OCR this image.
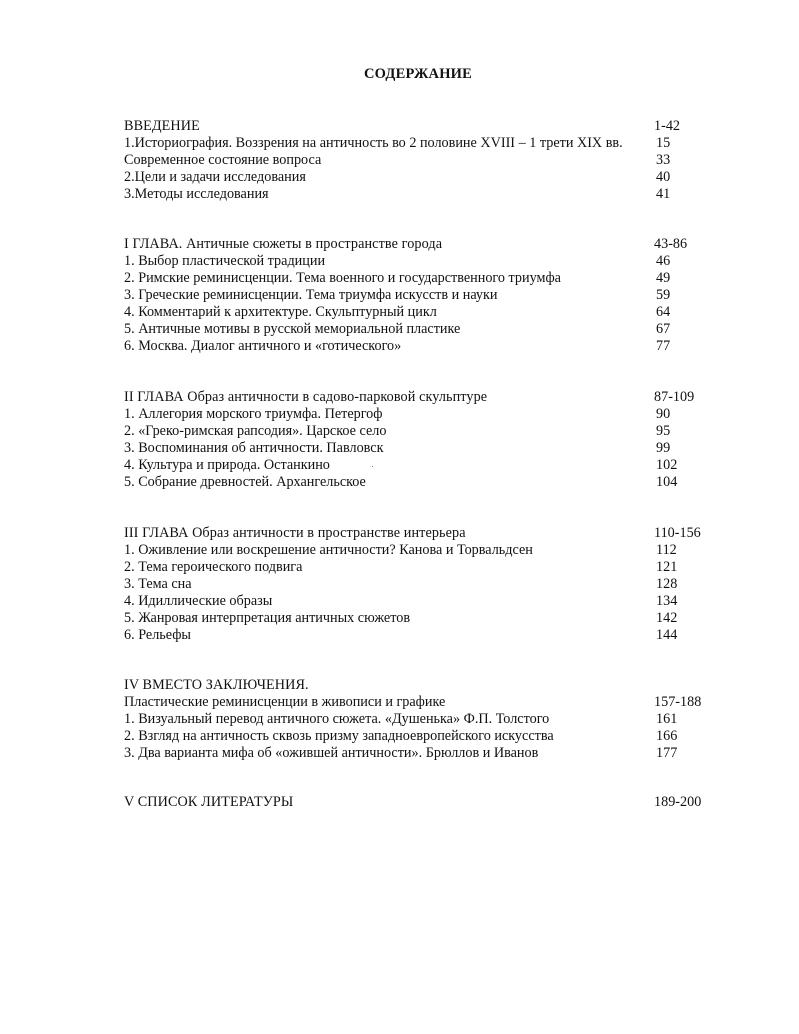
СОДЕРЖАНИЕ
ВВЕДЕНИЕ	1-42
1.Историография. Воззрения на античность во 2 половине XVIII – 1 трети XIX вв. 15
Современное состояние вопроса	33
2.Цели и задачи исследования	40
3.Методы исследования	41
I ГЛАВА. Античные сюжеты в пространстве города	43-86
1. Выбор пластической традиции	46
2. Римские реминисценции. Тема военного и государственного триумфа	49
3. Греческие реминисценции. Тема триумфа искусств и науки	59
4. Комментарий к архитектуре. Скульптурный цикл	64
5. Античные мотивы в русской мемориальной пластике	67
6. Москва. Диалог античного и «готического»	77
II ГЛАВА Образ античности в садово-парковой скульптуре	87-109
1. Аллегория морского триумфа. Петергоф	90
2. «Греко-римская рапсодия». Царское село	95
3. Воспоминания об античности. Павловск	99
4. Культура и природа. Останкино	102
5. Собрание древностей. Архангельское	104
III ГЛАВА Образ античности в пространстве интерьера	110-156
1. Оживление или воскрешение античности? Канова и Торвальдсен	112
2. Тема героического подвига	121
3. Тема сна	128
4. Идиллические образы	134
5. Жанровая интерпретация античных сюжетов	142
6. Рельефы	144
IV ВМЕСТО ЗАКЛЮЧЕНИЯ.
Пластические реминисценции в живописи и графике	157-188
1. Визуальный перевод античного сюжета. «Душенька» Ф.П. Толстого	161
2. Взгляд на античность сквозь призму западноевропейского искусства	166
3. Два варианта мифа об «ожившей античности». Брюллов и Иванов	177
V СПИСОК ЛИТЕРАТУРЫ	189-200
